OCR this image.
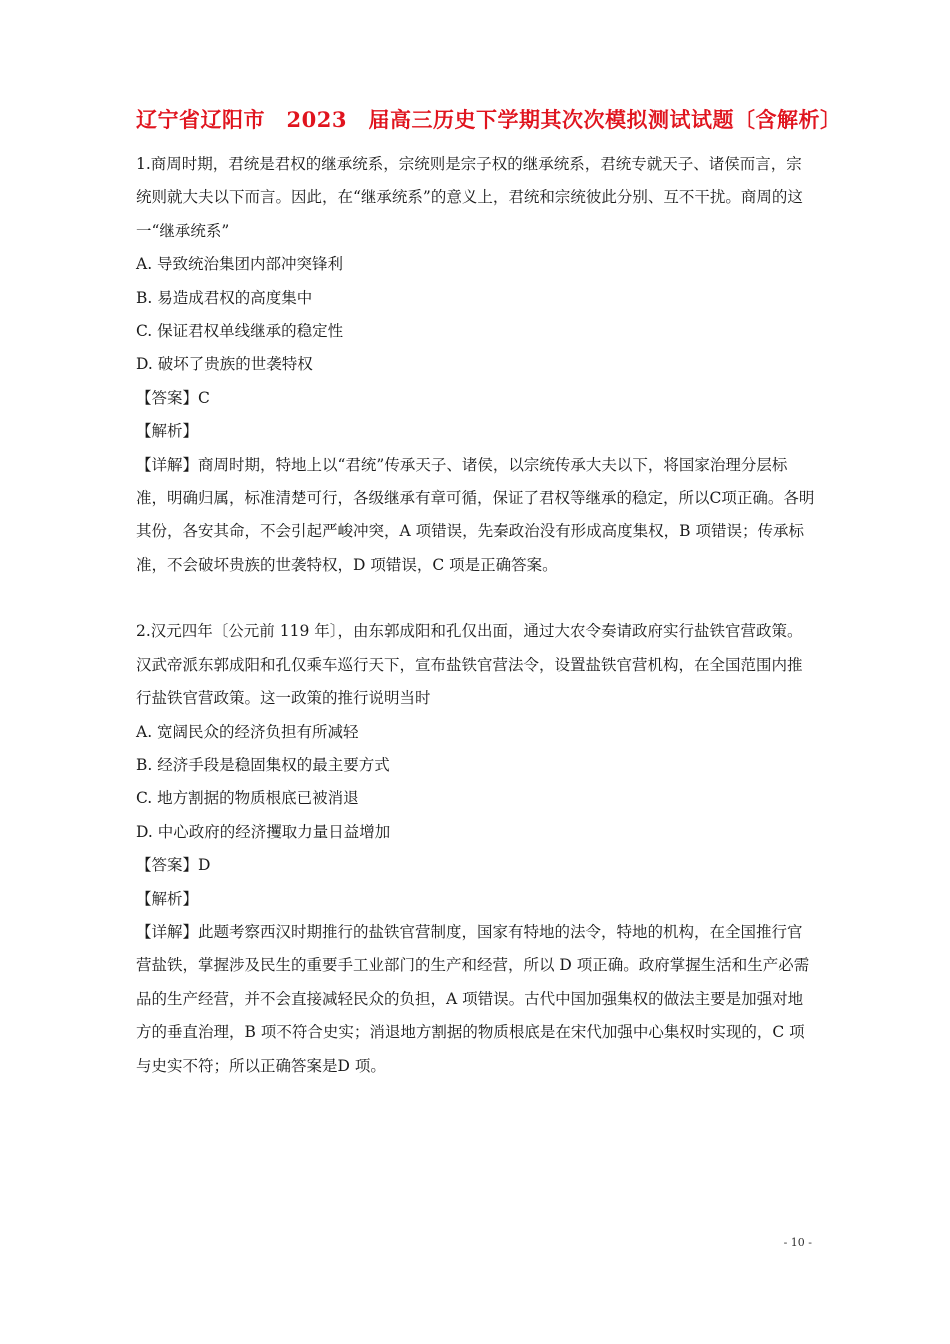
辽宁省辽阳市　2023　届高三历史下学期其次次模拟测试试题〔含解析〕

1.商周时期，君统是君权的继承统系，宗统则是宗子权的继承统系，君统专就天子、诸侯而言，宗统则就大夫以下而言。因此，在“继承统系”的意义上，君统和宗统彼此分别、互不干扰。商周的这一“继承统系”

A. 导致统治集团内部冲突锋利

B. 易造成君权的高度集中

C. 保证君权单线继承的稳定性

D. 破坏了贵族的世袭特权

【答案】C

【解析】

【详解】商周时期，特地上以“君统”传承天子、诸侯，以宗统传承大夫以下，将国家治理分层标准，明确归属，标准清楚可行，各级继承有章可循，保证了君权等继承的稳定，所以C项正确。各明其份，各安其命，不会引起严峻冲突，A 项错误，先秦政治没有形成高度集权，B 项错误；传承标准，不会破坏贵族的世袭特权，D 项错误，C 项是正确答案。

2.汉元四年〔公元前 119 年〕，由东郭成阳和孔仅出面，通过大农令奏请政府实行盐铁官营政策。汉武帝派东郭成阳和孔仅乘车巡行天下，宣布盐铁官营法令，设置盐铁官营机构，在全国范围内推行盐铁官营政策。这一政策的推行说明当时

A. 宽阔民众的经济负担有所减轻

B. 经济手段是稳固集权的最主要方式

C. 地方割据的物质根底已被消退

D. 中心政府的经济攫取力量日益增加

【答案】D

【解析】

【详解】此题考察西汉时期推行的盐铁官营制度，国家有特地的法令，特地的机构，在全国推行官营盐铁，掌握涉及民生的重要手工业部门的生产和经营，所以 D 项正确。政府掌握生活和生产必需品的生产经营，并不会直接减轻民众的负担，A 项错误。古代中国加强集权的做法主要是加强对地方的垂直治理，B 项不符合史实；消退地方割据的物质根底是在宋代加强中心集权时实现的，C 项与史实不符；所以正确答案是D 项。

- 10 -
